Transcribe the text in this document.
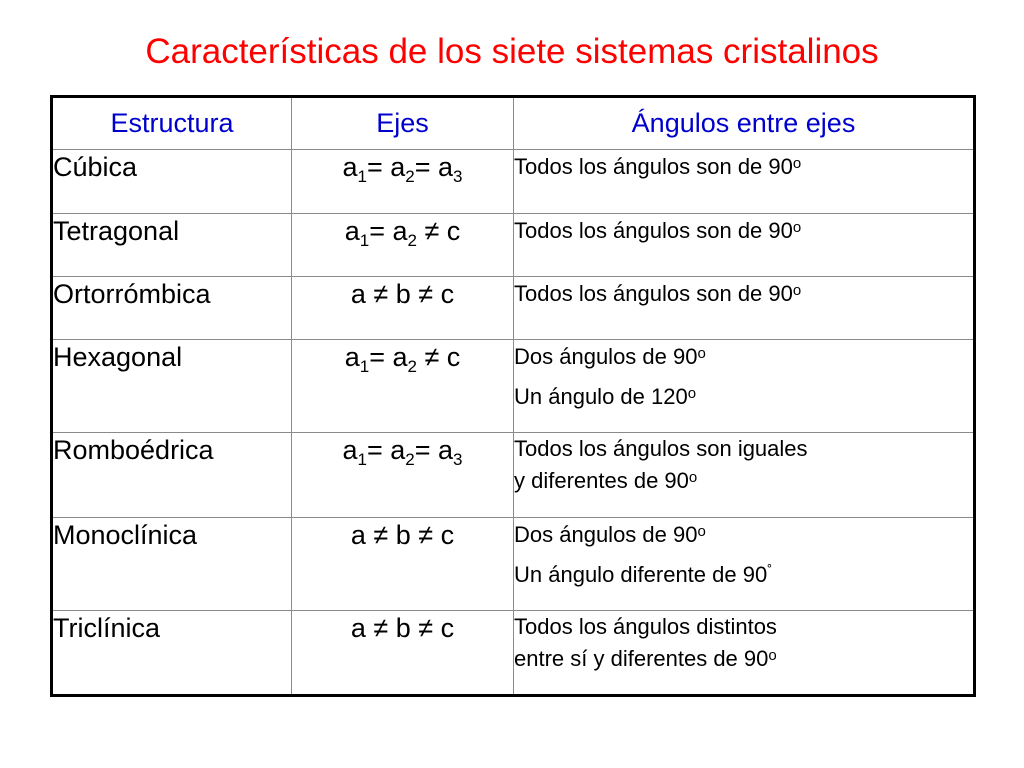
Características de los siete sistemas cristalinos
Estructura	Ejes	Ángulos entre ejes
Cúbica	$a_1= a_2= a_3$	Todos los ángulos son de 90$^o$
Tetragonal	$a_1= a_2 \ne c$	Todos los ángulos son de 90$^o$
Ortorrómbica	a ≠ b ≠ c	Todos los ángulos son de 90$^o$
Hexagonal	$a_1= a_2 \ne c$	Dos ángulos de 90$^o$
Un ángulo de 120$^o$

Romboédrica	$a_1= a_2= a_3$	Todos los ángulos son iguales
y diferentes de 90$^o$

Monoclínica	a ≠ b ≠ c	Dos ángulos de 90$^o$
Un ángulo diferente de 90˚

Triclínica	a ≠ b ≠ c	Todos los ángulos distintos
entre sí y diferentes de 90$^o$
